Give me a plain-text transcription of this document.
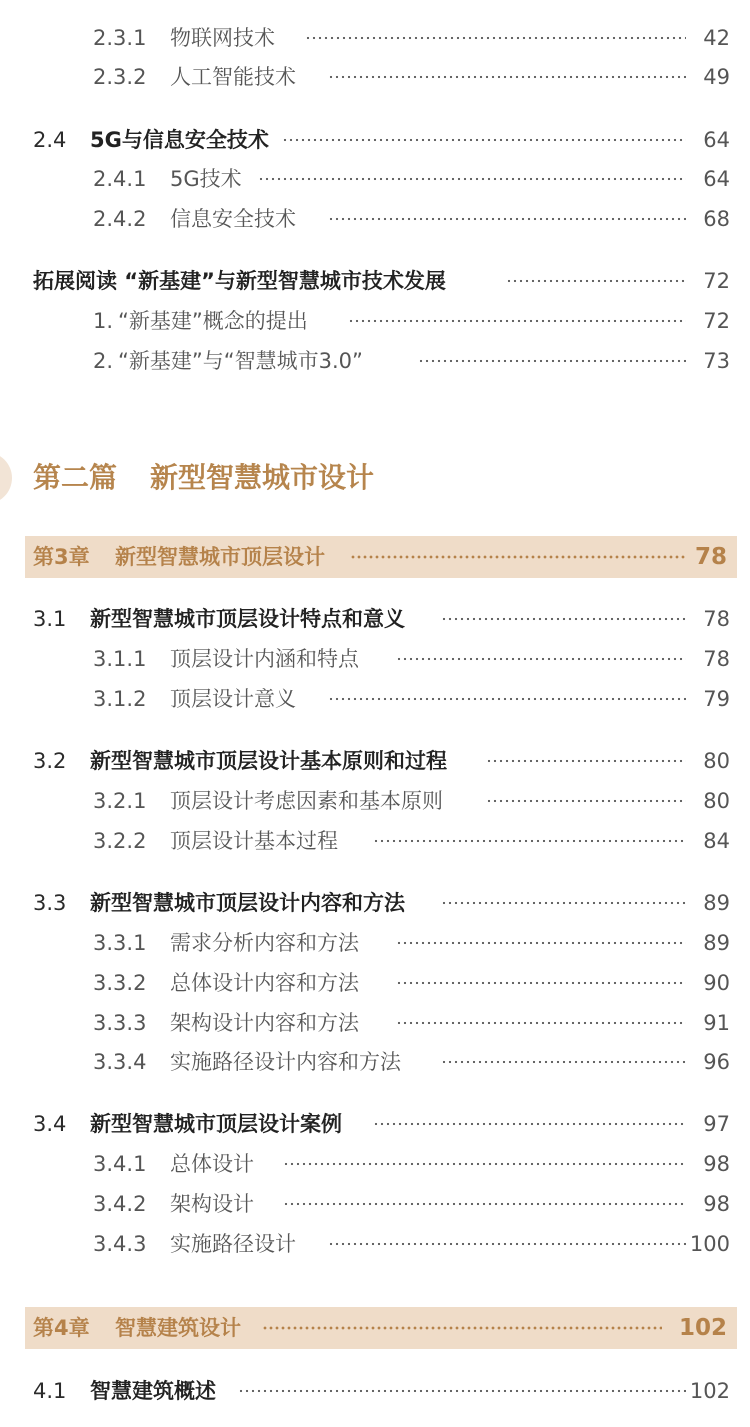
2.3.1 物联网技术	42
2.3.2 人工智能技术	49
2.4 5G与信息安全技术	64
2.4.1 5G技术	64
2.4.2 信息安全技术	68
拓展阅读 “新基建”与新型智慧城市技术发展	72
1. “新基建”概念的提出	72
2. “新基建”与“智慧城市3.0”	73
第二篇 新型智慧城市设计
第3章 新型智慧城市顶层设计	78
3.1 新型智慧城市顶层设计特点和意义	78
3.1.1 顶层设计内涵和特点	78
3.1.2 顶层设计意义	79
3.2 新型智慧城市顶层设计基本原则和过程	80
3.2.1 顶层设计考虑因素和基本原则	80
3.2.2 顶层设计基本过程	84
3.3 新型智慧城市顶层设计内容和方法	89
3.3.1 需求分析内容和方法	89
3.3.2 总体设计内容和方法	90
3.3.3 架构设计内容和方法	91
3.3.4 实施路径设计内容和方法	96
3.4 新型智慧城市顶层设计案例	97
3.4.1 总体设计	98
3.4.2 架构设计	98
3.4.3 实施路径设计	100
第4章 智慧建筑设计	102
4.1 智慧建筑概述	102
